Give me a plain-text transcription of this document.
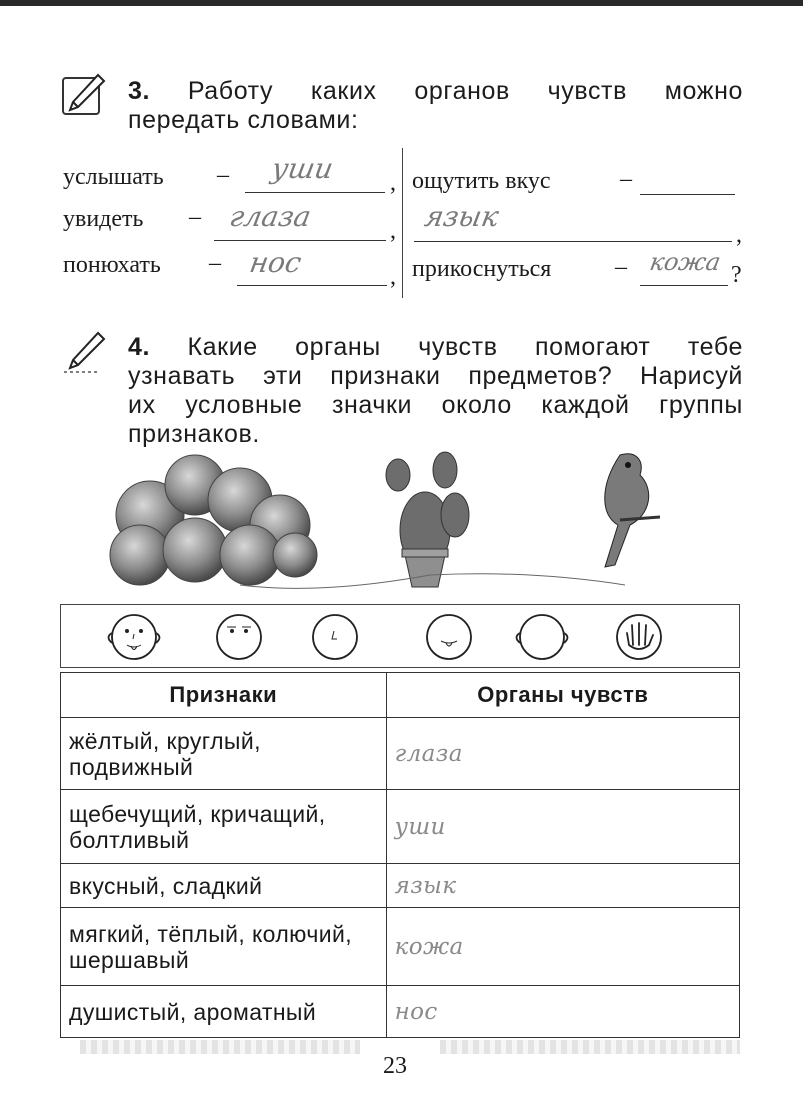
3. Работу каких органов чувств можно
передать словами:
услышать – уши ,
увидеть – глаза	,
понюхать – нос	,
ощутить вкус	–
язык
,
прикоснуться	– кожа ?
4. Какие органы чувств помогают тебе
узнавать эти признаки предметов? Нарисуй
их условные значки около каждой группы
признаков.
Признаки	Органы чувств
жёлтый, круглый, подвижный	глаза
щебечущий, кричащий, болтливый	уши
вкусный, сладкий	язык
мягкий, тёплый, колючий, шершавый	кожа
душистый, ароматный	нос
23
